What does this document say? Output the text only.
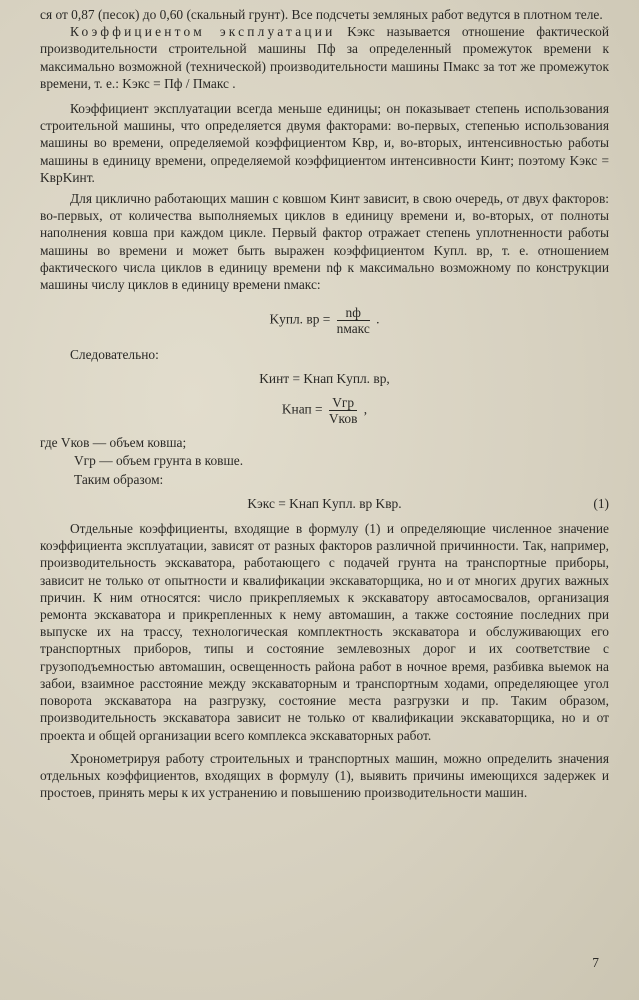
ся от 0,87 (песок) до 0,60 (скальный грунт). Все подсчеты земляных работ ведутся в плотном теле.

Коэффициентом эксплуатации Kэкс называется отношение фактической производительности строительной машины Пф за определенный промежуток времени к максимально возможной (технической) производительности машины Пмакс за тот же промежуток времени, т. е.: Kэкс = Пф / Пмакс .

Коэффициент эксплуатации всегда меньше единицы; он показывает степень использования строительной машины, что определяется двумя факторами: во-первых, степенью использования машины во времени, определяемой коэффициентом Kвр, и, во-вторых, интенсивностью работы машины в единицу времени, определяемой коэффициентом интенсивности Kинт; поэтому Kэкс = KврKинт.

Для циклично работающих машин с ковшом Kинт зависит, в свою очередь, от двух факторов: во-первых, от количества выполняемых циклов в единицу времени и, во-вторых, от полноты наполнения ковша при каждом цикле. Первый фактор отражает степень уплотненности работы машины во времени и может быть выражен коэффициентом Kупл. вр, т. е. отношением фактического числа циклов в единицу времени nф к максимально возможному по конструкции машины числу циклов в единицу времени nмакс:

Kупл. вр = $\frac{nф}{\text{nмакс}}$ .

Следовательно:

Kинт = Kнап Kупл. вр,
Kнап = $\frac{\text{Vгр}}{\text{Vков}}$ ,

где Vков — объем ковша;

Vгр — объем грунта в ковше.

Таким образом:

Kэкс = Kнап Kупл. вр Kвр.	(1)

Отдельные коэффициенты, входящие в формулу (1) и определяющие численное значение коэффициента эксплуатации, зависят от разных факторов различной причинности. Так, например, производительность экскаватора, работающего с подачей грунта на транспортные приборы, зависит не только от опытности и квалификации экскаваторщика, но и от многих других важных причин. К ним относятся: число прикрепляемых к экскаватору автосамосвалов, организация ремонта экскаватора и прикрепленных к нему автомашин, а также состояние последних при выпуске их на трассу, технологическая комплектность экскаватора и обслуживающих его транспортных приборов, типы и состояние землевозных дорог и их соответствие с грузоподъемностью автомашин, освещенность района работ в ночное время, разбивка выемок на забои, взаимное расстояние между экскаваторным и транспортным ходами, определяющее угол поворота экскаватора на разгрузку, состояние места разгрузки и пр. Таким образом, производительность экскаватора зависит не только от квалификации экскаваторщика, но и от проекта и общей организации всего комплекса экскаваторных работ.

Хронометрируя работу строительных и транспортных машин, можно определить значения отдельных коэффициентов, входящих в формулу (1), выявить причины имеющихся задержек и простоев, принять меры к их устранению и повышению производительности машин.

7
